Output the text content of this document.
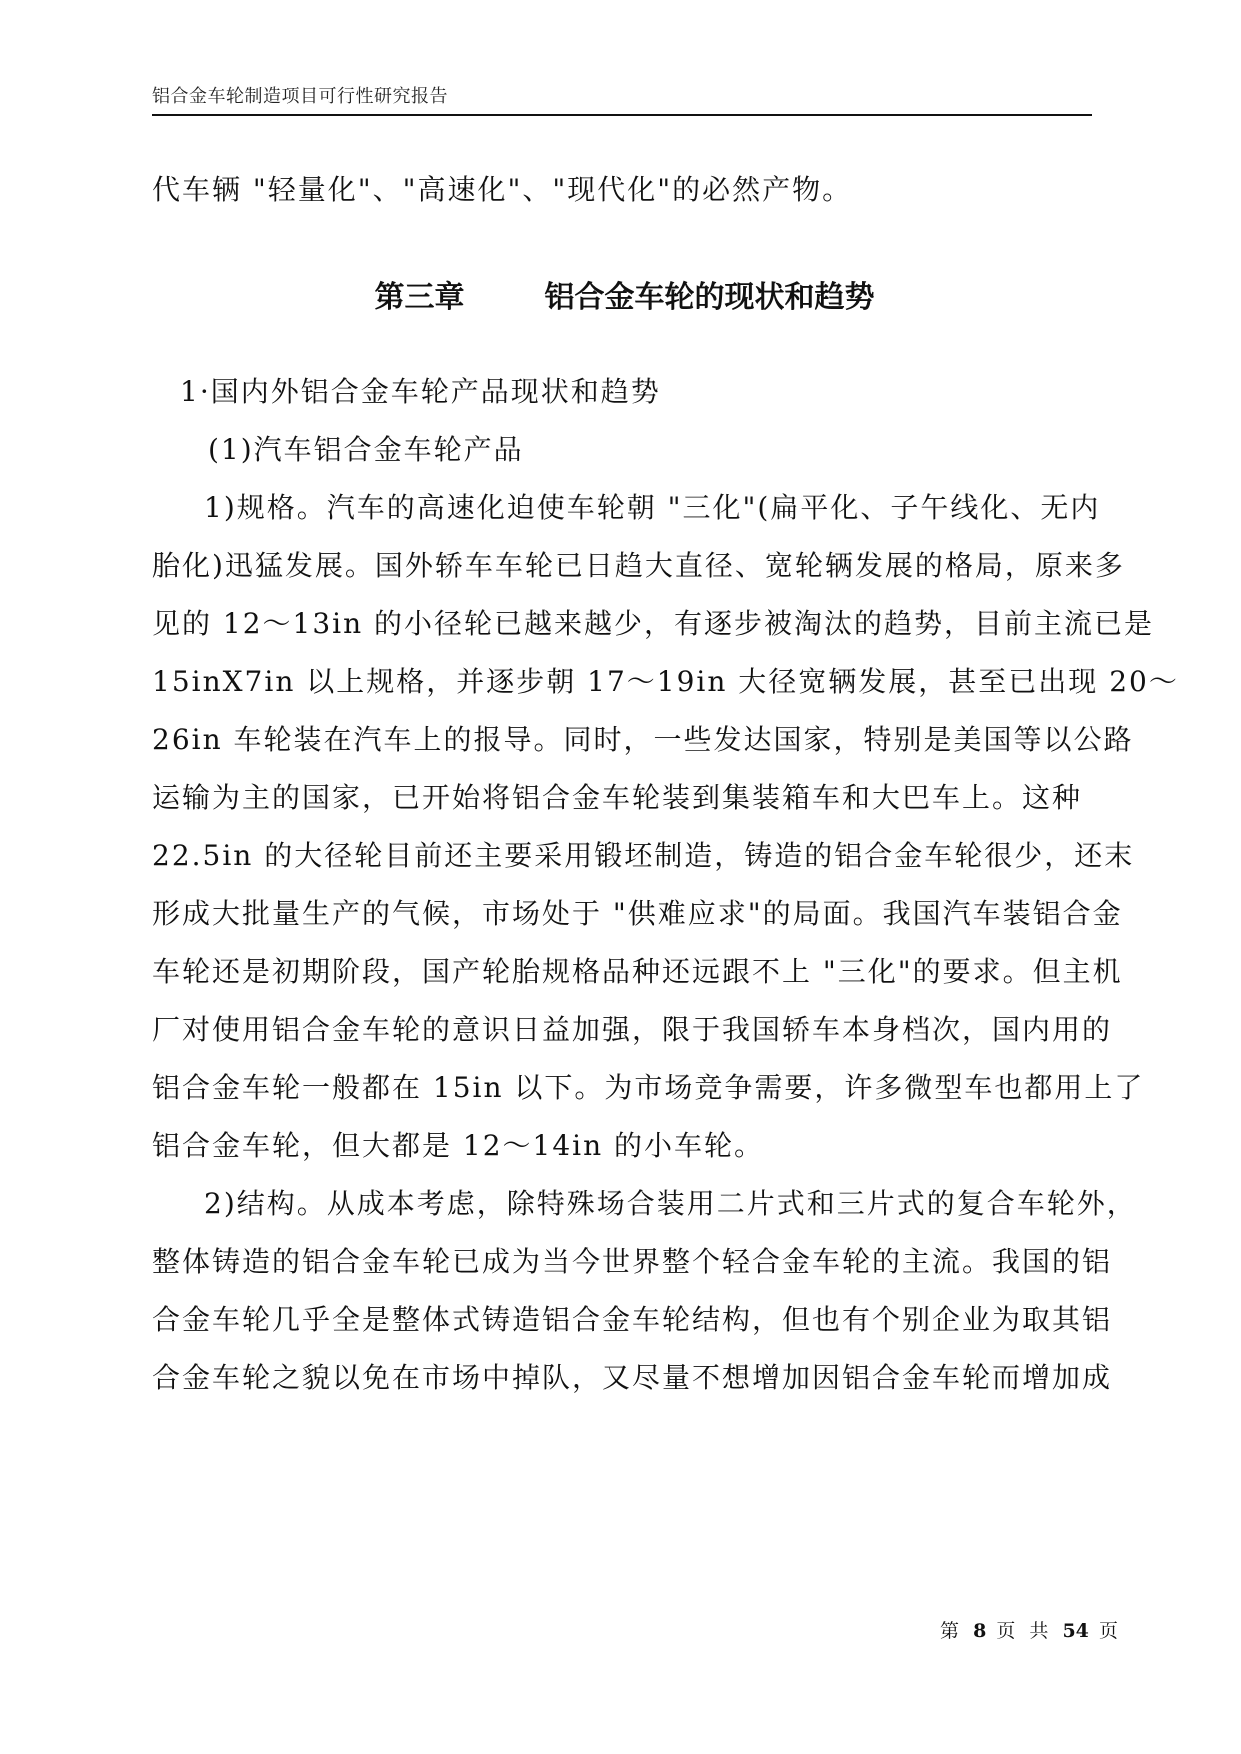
铝合金车轮制造项目可行性研究报告
代车辆 "轻量化"、"高速化"、"现代化"的必然产物。
第三章	铝合金车轮的现状和趋势
1·国内外铝合金车轮产品现状和趋势
(1)汽车铝合金车轮产品
1)规格。汽车的高速化迫使车轮朝 "三化"(扁平化、子午线化、无内
胎化)迅猛发展。国外轿车车轮已日趋大直径、宽轮辆发展的格局，原来多
见的 12～13in 的小径轮已越来越少，有逐步被淘汰的趋势，目前主流已是
15inX7in 以上规格，并逐步朝 17～19in 大径宽辆发展，甚至已出现 20～
26in 车轮装在汽车上的报导。同时，一些发达国家，特别是美国等以公路
运输为主的国家，已开始将铝合金车轮装到集装箱车和大巴车上。这种
22.5in 的大径轮目前还主要采用锻坯制造，铸造的铝合金车轮很少，还末
形成大批量生产的气候，市场处于 "供难应求"的局面。我国汽车装铝合金
车轮还是初期阶段，国产轮胎规格品种还远跟不上 "三化"的要求。但主机
厂对使用铝合金车轮的意识日益加强，限于我国轿车本身档次，国内用的
铝合金车轮一般都在 15in 以下。为市场竞争需要，许多微型车也都用上了
铝合金车轮，但大都是 12～14in 的小车轮。
2)结构。从成本考虑，除特殊场合装用二片式和三片式的复合车轮外，
整体铸造的铝合金车轮已成为当今世界整个轻合金车轮的主流。我国的铝
合金车轮几乎全是整体式铸造铝合金车轮结构，但也有个别企业为取其铝
合金车轮之貌以免在市场中掉队，又尽量不想增加因铝合金车轮而增加成
第 8 页 共 54 页
